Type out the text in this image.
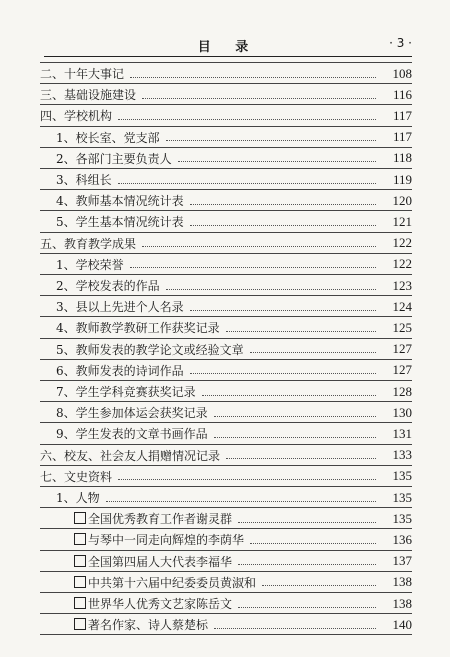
目 录	· 3 ·
二、十年大事记	108
三、基础设施建设	116
四、学校机构	117
1、校长室、党支部	117
2、各部门主要负责人	118
3、科组长	119
4、教师基本情况统计表	120
5、学生基本情况统计表	121
五、教育教学成果	122
1、学校荣誉	122
2、学校发表的作品	123
3、县以上先进个人名录	124
4、教师教学教研工作获奖记录	125
5、教师发表的教学论文或经验文章	127
6、教师发表的诗词作品	127
7、学生学科竞赛获奖记录	128
8、学生参加体运会获奖记录	130
9、学生发表的文章书画作品	131
六、校友、社会友人捐赠情况记录	133
七、文史资料	135
1、人物	135
全国优秀教育工作者谢灵群	135
与琴中一同走向辉煌的李荫华	136
全国第四届人大代表李福华	137
中共第十六届中纪委委员黄淑和	138
世界华人优秀文艺家陈岳文	138
著名作家、诗人蔡楚标	140
